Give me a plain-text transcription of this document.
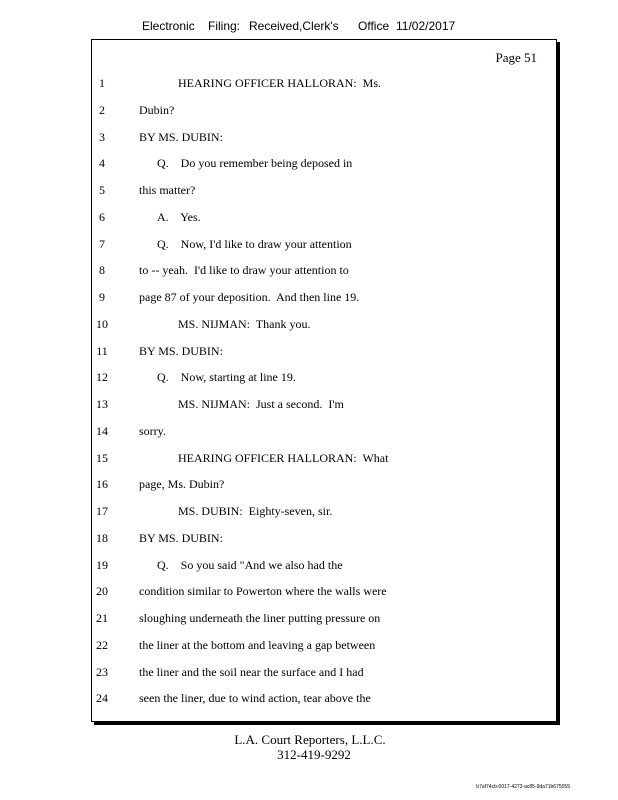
Electronic Filing: Received,Clerk's Office 11/02/2017
Page 51
1	HEARING OFFICER HALLORAN:  Ms.
2	Dubin?
3	BY MS. DUBIN:
4	Q.    Do you remember being deposed in
5	this matter?
6	A.    Yes.
7	Q.    Now, I'd like to draw your attention
8	to -- yeah.  I'd like to draw your attention to
9	page 87 of your deposition.  And then line 19.
10	MS. NIJMAN:  Thank you.
11	BY MS. DUBIN:
12	Q.    Now, starting at line 19.
13	MS. NIJMAN:  Just a second.  I'm
14	sorry.
15	HEARING OFFICER HALLORAN:  What
16	page, Ms. Dubin?
17	MS. DUBIN:  Eighty-seven, sir.
18	BY MS. DUBIN:
19	Q.    So you said "And we also had the
20	condition similar to Powerton where the walls were
21	sloughing underneath the liner putting pressure on
22	the liner at the bottom and leaving a gap between
23	the liner and the soil near the surface and I had
24	seen the liner, due to wind action, tear above the
L.A. Court Reporters, L.L.C.
312-419-9292
b7af74cb-0017-4273-ac85-9da71b675055
